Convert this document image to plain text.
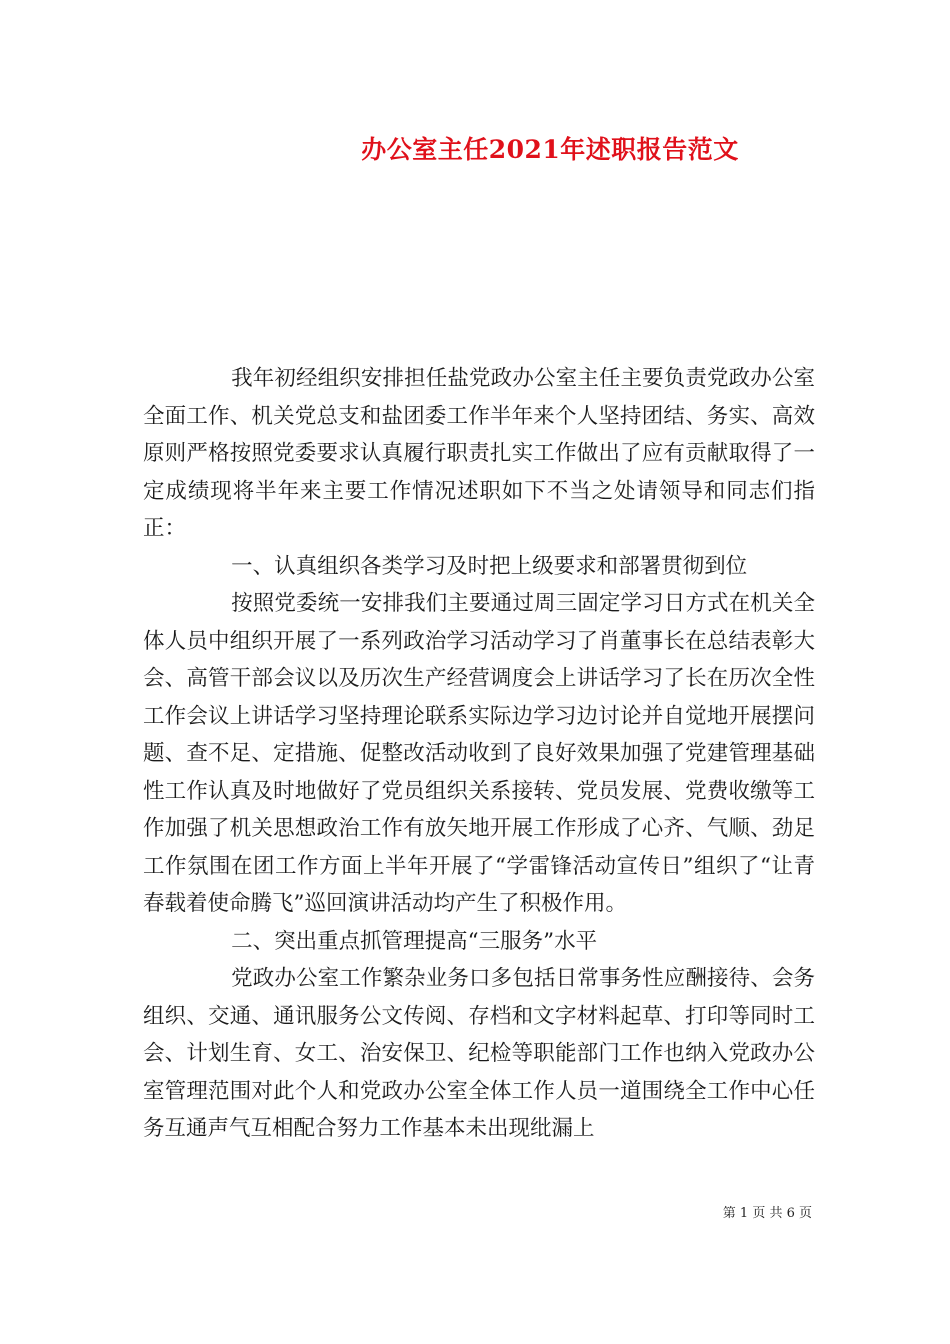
办公室主任2021年述职报告范文

我年初经组织安排担任盐党政办公室主任主要负责党政办公室全面工作、机关党总支和盐团委工作半年来个人坚持团结、务实、高效原则严格按照党委要求认真履行职责扎实工作做出了应有贡献取得了一定成绩现将半年来主要工作情况述职如下不当之处请领导和同志们指正：

一、认真组织各类学习及时把上级要求和部署贯彻到位

按照党委统一安排我们主要通过周三固定学习日方式在机关全体人员中组织开展了一系列政治学习活动学习了肖董事长在总结表彰大会、高管干部会议以及历次生产经营调度会上讲话学习了长在历次全性工作会议上讲话学习坚持理论联系实际边学习边讨论并自觉地开展摆问题、查不足、定措施、促整改活动收到了良好效果加强了党建管理基础性工作认真及时地做好了党员组织关系接转、党员发展、党费收缴等工作加强了机关思想政治工作有放矢地开展工作形成了心齐、气顺、劲足工作氛围在团工作方面上半年开展了“学雷锋活动宣传日”组织了“让青春载着使命腾飞”巡回演讲活动均产生了积极作用。

二、突出重点抓管理提高“三服务”水平

党政办公室工作繁杂业务口多包括日常事务性应酬接待、会务组织、交通、通讯服务公文传阅、存档和文字材料起草、打印等同时工会、计划生育、女工、治安保卫、纪检等职能部门工作也纳入党政办公室管理范围对此个人和党政办公室全体工作人员一道围绕全工作中心任务互通声气互相配合努力工作基本未出现纰漏上

第 1 页 共 6 页
